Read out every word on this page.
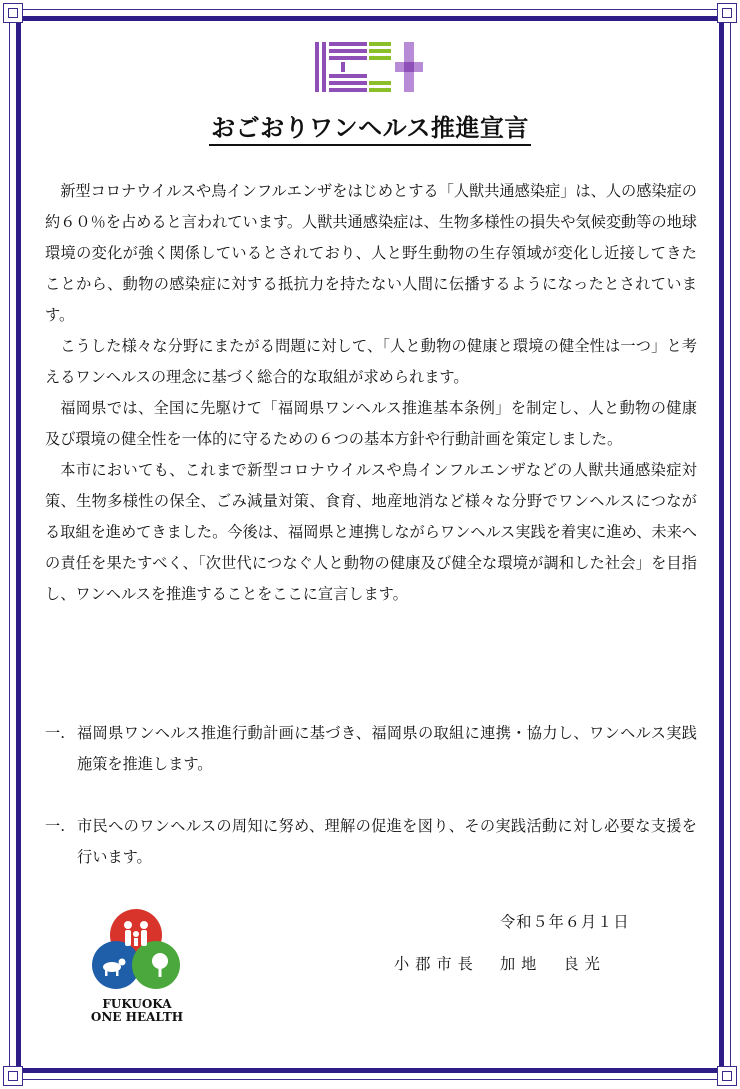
おごおりワンヘルス推進宣言

新型コロナウイルスや鳥インフルエンザをはじめとする「人獣共通感染症」は、人の感染症の約６０％を占めると言われています。人獣共通感染症は、生物多様性の損失や気候変動等の地球環境の変化が強く関係しているとされており、人と野生動物の生存領域が変化し近接してきたことから、動物の感染症に対する抵抗力を持たない人間に伝播するようになったとされています。

こうした様々な分野にまたがる問題に対して、「人と動物の健康と環境の健全性は一つ」と考えるワンヘルスの理念に基づく総合的な取組が求められます。

福岡県では、全国に先駆けて「福岡県ワンヘルス推進基本条例」を制定し、人と動物の健康及び環境の健全性を一体的に守るための６つの基本方針や行動計画を策定しました。

本市においても、これまで新型コロナウイルスや鳥インフルエンザなどの人獣共通感染症対策、生物多様性の保全、ごみ減量対策、食育、地産地消など様々な分野でワンヘルスにつながる取組を進めてきました。今後は、福岡県と連携しながらワンヘルス実践を着実に進め、未来への責任を果たすべく、「次世代につなぐ人と動物の健康及び健全な環境が調和した社会」を目指し、ワンヘルスを推進することをここに宣言します。

一. 福岡県ワンヘルス推進行動計画に基づき、福岡県の取組に連携・協力し、ワンヘルス実践施策を推進します。
一. 市民へのワンヘルスの周知に努め、理解の促進を図り、その実践活動に対し必要な支援を行います。
FUKUOKA
ONE HEALTH
令和５年６月１日
小郡市長　加地　良光
